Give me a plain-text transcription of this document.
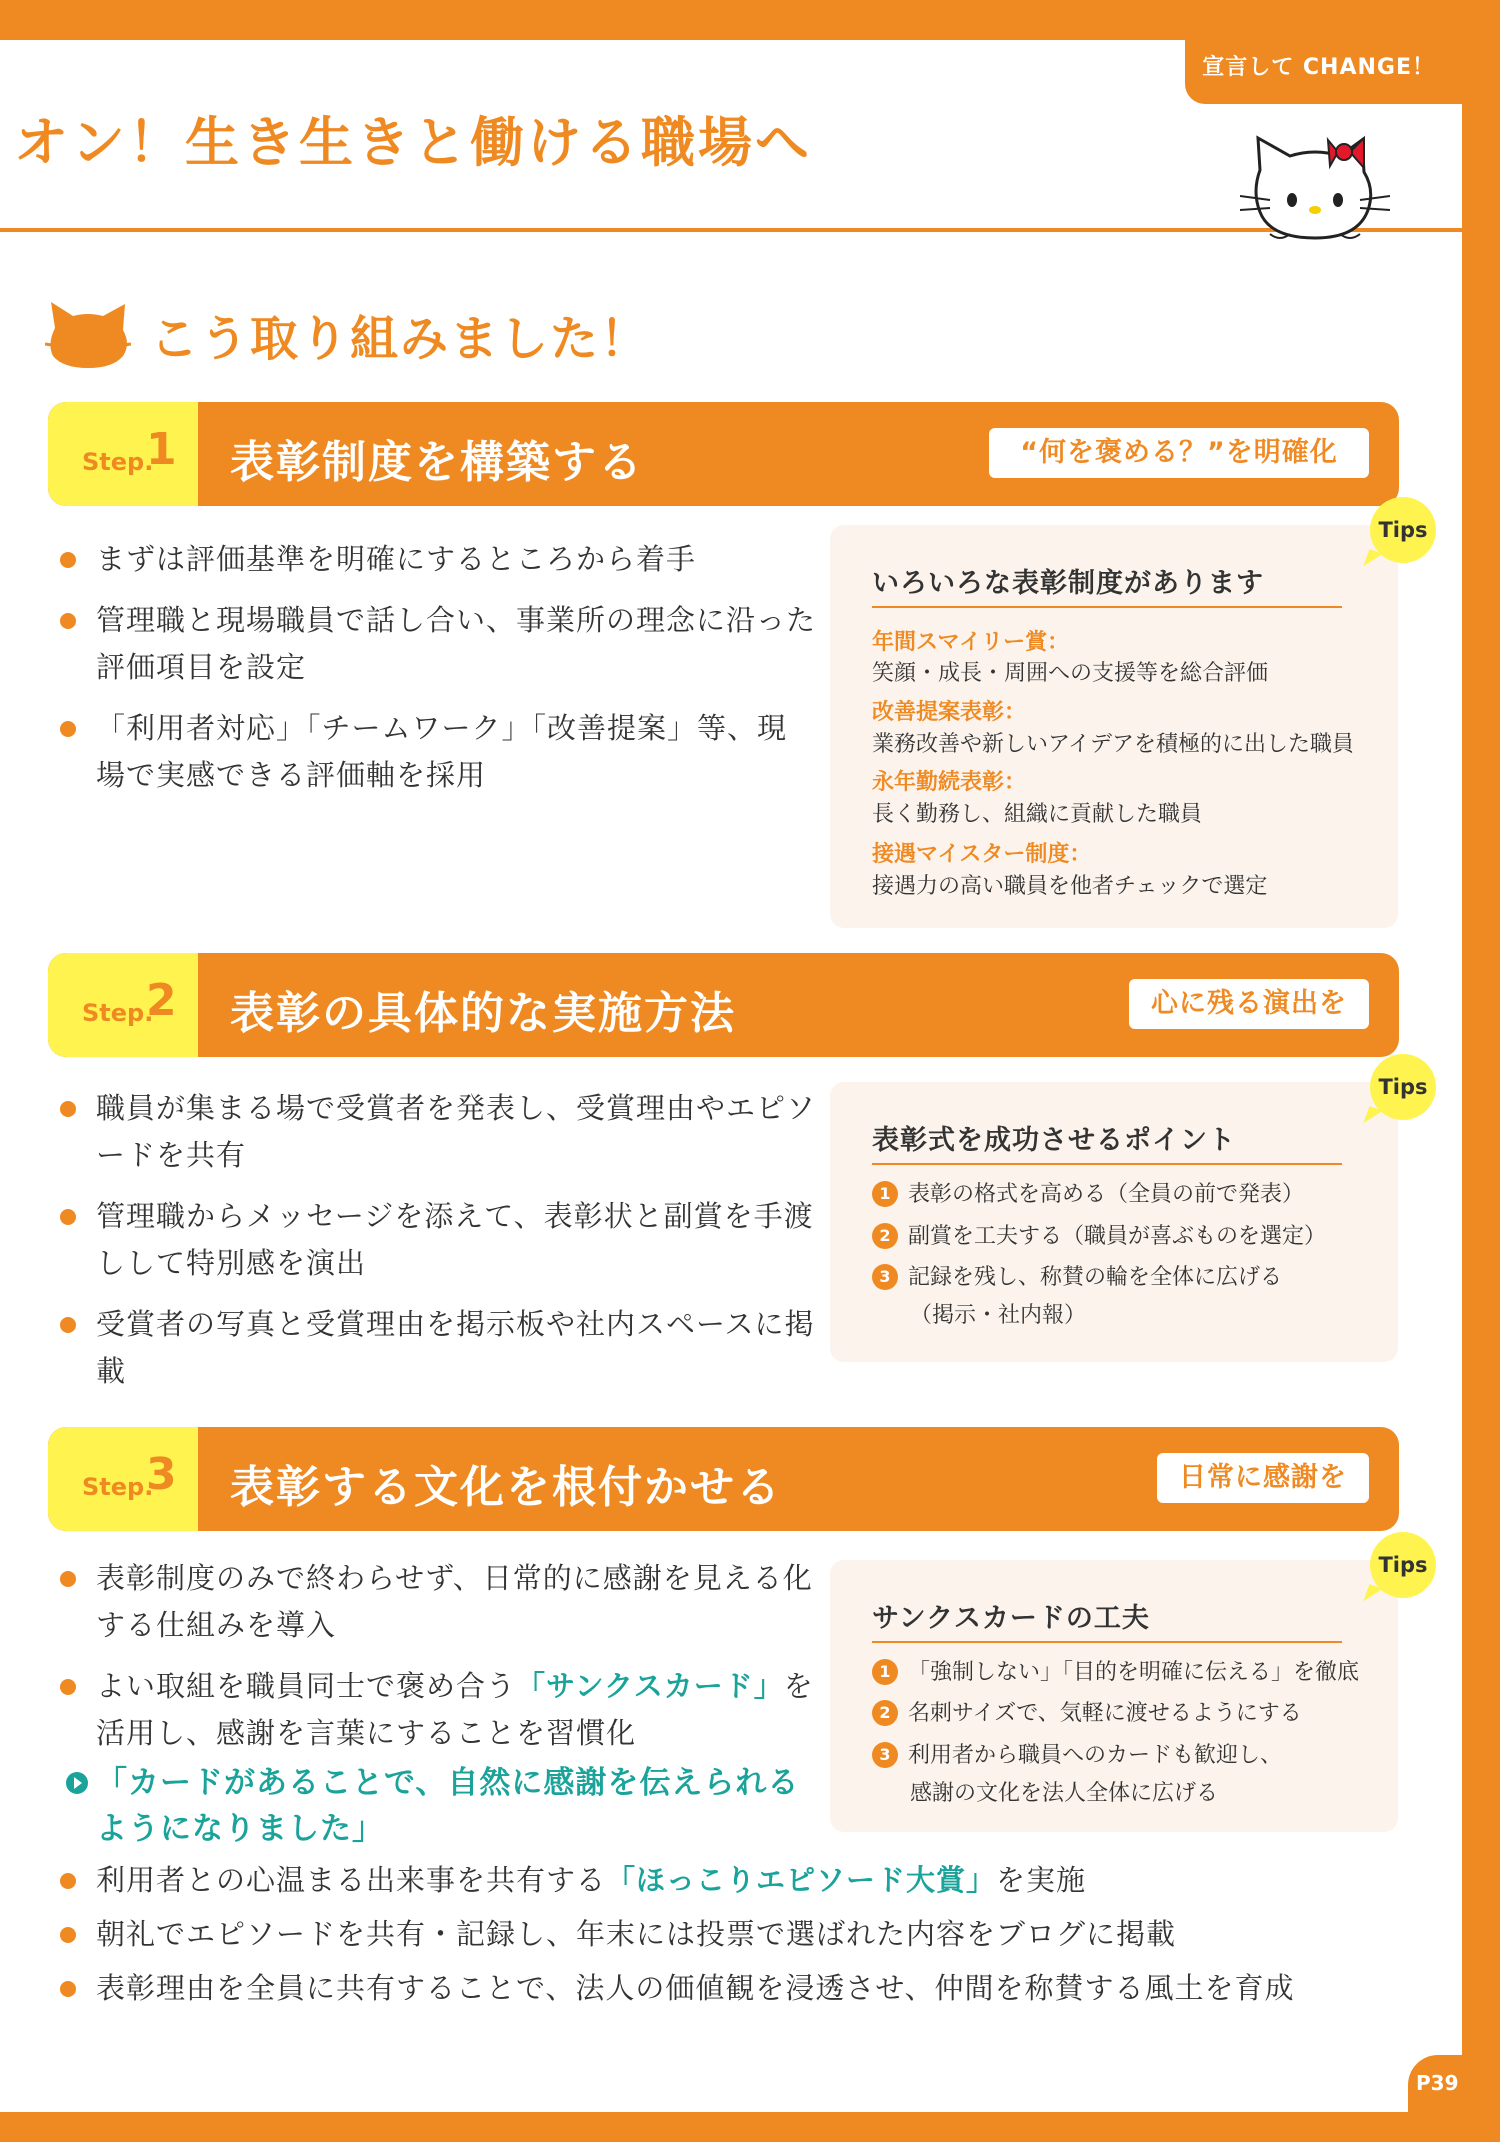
宣言して CHANGE！
オン！生き生きと働ける職場へ
こう取り組みました！
Step.
1 表彰制度を構築する	“何を褒める？”を明確化
まずは評価基準を明確にするところから着手
管理職と現場職員で話し合い、事業所の理念に沿った評価項目を設定
「利用者対応」「チームワーク」「改善提案」等、現場で実感できる評価軸を採用
Tips
いろいろな表彰制度があります
年間スマイリー賞：
笑顔・成長・周囲への支援等を総合評価
改善提案表彰：
業務改善や新しいアイデアを積極的に出した職員
永年勤続表彰：
長く勤務し、組織に貢献した職員
接遇マイスター制度：
接遇力の高い職員を他者チェックで選定
Step.
2 表彰の具体的な実施方法	心に残る演出を
職員が集まる場で受賞者を発表し、受賞理由やエピソードを共有
管理職からメッセージを添えて、表彰状と副賞を手渡しして特別感を演出
受賞者の写真と受賞理由を掲示板や社内スペースに掲載
Tips
表彰式を成功させるポイント
1 表彰の格式を高める（全員の前で発表）
2 副賞を工夫する（職員が喜ぶものを選定）
3 記録を残し、称賛の輪を全体に広げる
（掲示・社内報）
Step.
3 表彰する文化を根付かせる	日常に感謝を
表彰制度のみで終わらせず、日常的に感謝を見える化する仕組みを導入
よい取組を職員同士で褒め合う「サンクスカード」を活用し、感謝を言葉にすることを習慣化
「カードがあることで、自然に感謝を伝えられるようになりました」
Tips
サンクスカードの工夫
1 「強制しない」「目的を明確に伝える」を徹底
2 名刺サイズで、気軽に渡せるようにする
3 利用者から職員へのカードも歓迎し、
感謝の文化を法人全体に広げる
利用者との心温まる出来事を共有する「ほっこりエピソード大賞」を実施
朝礼でエピソードを共有・記録し、年末には投票で選ばれた内容をブログに掲載
表彰理由を全員に共有することで、法人の価値観を浸透させ、仲間を称賛する風土を育成
P39
